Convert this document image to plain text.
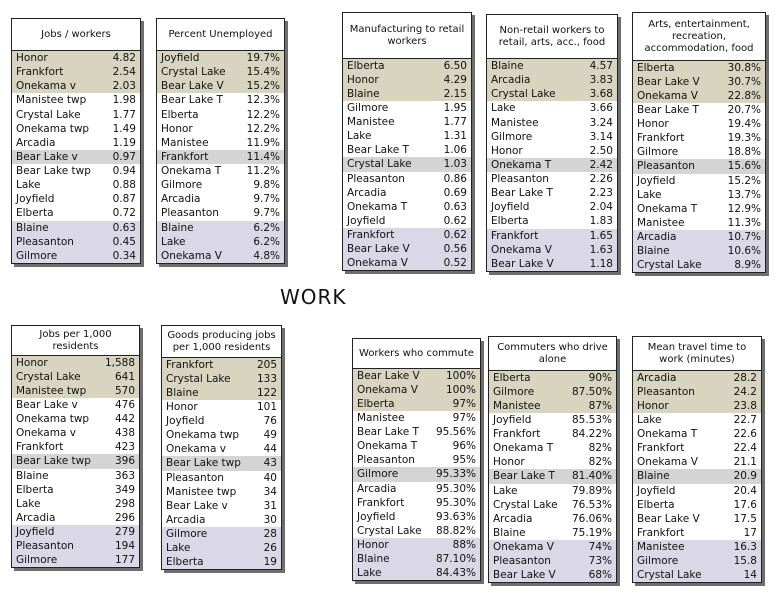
WORK
Jobs / workers
Honor	4.82
Frankfort	2.54
Onekama v	2.03
Manistee twp	1.98
Crystal Lake	1.77
Onekama twp 1.49
Arcadia	1.19
Bear Lake v	0.97
Bear Lake twp 0.94
Lake	0.88
Joyfield	0.87
Elberta	0.72
Blaine	0.63
Pleasanton	0.45
Gilmore	0.34
Percent Unemployed
Joyfield	19.7%
Crystal Lake 15.4%
Bear Lake V 15.2%
Bear Lake T 12.3%
Elberta	12.2%
Honor	12.2%
Manistee	11.9%
Frankfort	11.4%
Onekama T 11.2%
Gilmore	9.8%
Arcadia	9.7%
Pleasanton	9.7%
Blaine	6.2%
Lake	6.2%
Onekama V	4.8%
Manufacturing to retail workers
Elberta	6.50
Honor	4.29
Blaine	2.15
Gilmore	1.95
Manistee	1.77
Lake	1.31
Bear Lake T	1.06
Crystal Lake	1.03
Pleasanton	0.86
Arcadia	0.69
Onekama T	0.63
Joyfield	0.62
Frankfort	0.62
Bear Lake V	0.56
Onekama V	0.52
Non-retail workers to retail, arts, acc., food
Blaine	4.57
Arcadia	3.83
Crystal Lake	3.68
Lake	3.66
Manistee	3.24
Gilmore	3.14
Honor	2.50
Onekama T	2.42
Pleasanton	2.26
Bear Lake T	2.23
Joyfield	2.04
Elberta	1.83
Frankfort	1.65
Onekama V	1.63
Bear Lake V	1.18
Arts, entertainment, recreation, accommodation, food
Elberta	30.8%
Bear Lake V	30.7%
Onekama V	22.8%
Bear Lake T	20.7%
Honor	19.4%
Frankfort	19.3%
Gilmore	18.8%
Pleasanton	15.6%
Joyfield	15.2%
Lake	13.7%
Onekama T	12.9%
Manistee	11.3%
Arcadia	10.7%
Blaine	10.6%
Crystal Lake	8.9%
Jobs per 1,000 residents
Honor	1,588
Crystal Lake	641
Manistee twp	570
Bear Lake v	476
Onekama twp 442
Onekama v	438
Frankfort	423
Bear Lake twp 396
Blaine	363
Elberta	349
Lake	298
Arcadia	296
Joyfield	279
Pleasanton	194
Gilmore	177
Goods producing jobs per 1,000 residents
Frankfort	205
Crystal Lake	133
Blaine	122
Honor	101
Joyfield	76
Onekama twp 49
Onekama v	44
Bear Lake twp 43
Pleasanton	40
Manistee twp	34
Bear Lake v	31
Arcadia	30
Gilmore	28
Lake	26
Elberta	19
Workers who commute
Bear Lake V 100%
Onekama V	100%
Elberta	97%
Manistee	97%
Bear Lake T 95.56%
Onekama T	96%
Pleasanton	95%
Gilmore	95.33%
Arcadia	95.30%
Frankfort	95.30%
Joyfield	93.63%
Crystal Lake 88.82%
Honor	88%
Blaine	87.10%
Lake	84.43%
Commuters who drive alone
Elberta	90%
Gilmore	87.50%
Manistee	87%
Joyfield	85.53%
Frankfort	84.22%
Onekama T	82%
Honor	82%
Bear Lake T 81.40%
Lake	79.89%
Crystal Lake 76.53%
Arcadia	76.06%
Blaine	75.19%
Onekama V	74%
Pleasanton	73%
Bear Lake V	68%
Mean travel time to work (minutes)
Arcadia	28.2
Pleasanton	24.2
Honor	23.8
Lake	22.7
Onekama T	22.6
Frankfort	22.4
Onekama V	21.1
Blaine	20.9
Joyfield	20.4
Elberta	17.6
Bear Lake V	17.5
Frankfort	17
Manistee	16.3
Gilmore	15.8
Crystal Lake	14
